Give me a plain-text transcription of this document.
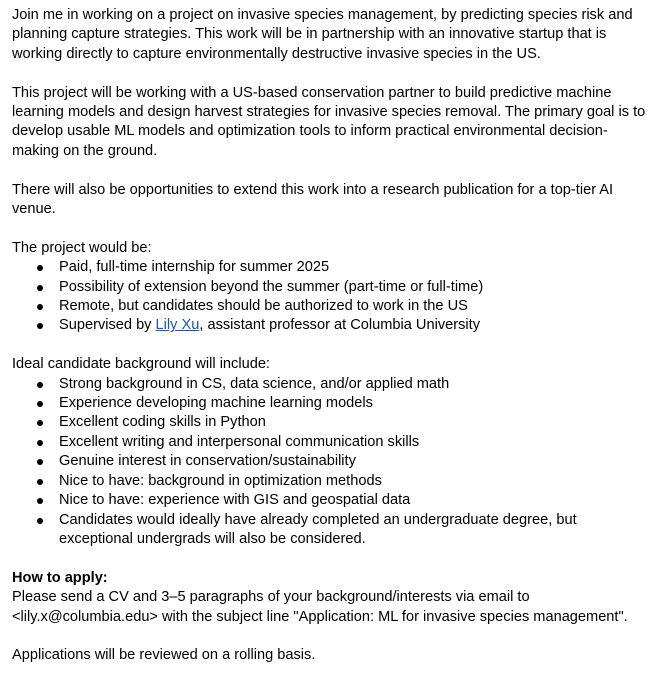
Join me in working on a project on invasive species management, by predicting species risk and planning capture strategies. This work will be in partnership with an innovative startup that is working directly to capture environmentally destructive invasive species in the US.

This project will be working with a US-based conservation partner to build predictive machine learning models and design harvest strategies for invasive species removal. The primary goal is to develop usable ML models and optimization tools to inform practical environmental decision-making on the ground.

There will also be opportunities to extend this work into a research publication for a top-tier AI venue.

The project would be:

Paid, full-time internship for summer 2025
Possibility of extension beyond the summer (part-time or full-time)
Remote, but candidates should be authorized to work in the US
Supervised by Lily Xu, assistant professor at Columbia University

Ideal candidate background will include:

Strong background in CS, data science, and/or applied math
Experience developing machine learning models
Excellent coding skills in Python
Excellent writing and interpersonal communication skills
Genuine interest in conservation/sustainability
Nice to have: background in optimization methods
Nice to have: experience with GIS and geospatial data
Candidates would ideally have already completed an undergraduate degree, but exceptional undergrads will also be considered.

How to apply:

Please send a CV and 3–5 paragraphs of your background/interests via email to <lily.x@columbia.edu> with the subject line "Application: ML for invasive species management".

Applications will be reviewed on a rolling basis.
